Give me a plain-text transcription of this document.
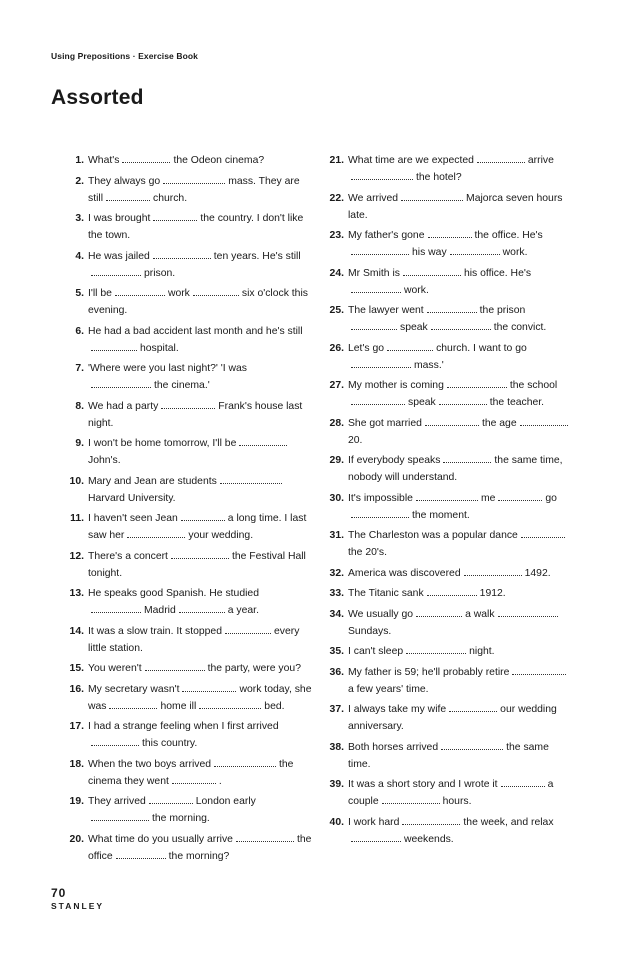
Using Prepositions · Exercise Book
Assorted
1. What's	the Odeon cinema?
2. They always go	mass. They are still	church.
3. I was brought	the country. I don't like the town.
4. He was jailed	ten years. He's stillprison.
5. I'll be	work	six o'clock this evening.
6. He had a bad accident last month and he's stillhospital.
7. 'Where were you last night?' 'I wasthe cinema.'
8. We had a party	Frank's house last night.
9. I won't be home tomorrow, I'll beJohn's.
10. Mary and Jean are studentsHarvard University.
11. I haven't seen Jean	a long time. I last saw her	your wedding.
12. There's a concert	the Festival Hall tonight.
13. He speaks good Spanish. He studiedMadrid	a year.
14. It was a slow train. It stopped	every little station.
15. You weren't	the party, were you?
16. My secretary wasn't	work today, she was	home ill	bed.
17. I had a strange feeling when I first arrivedthis country.
18. When the two boys arrived	the cinema they went	.
19. They arrived	London earlythe morning.
20. What time do you usually arrive	the office	the morning?
21. What time are we expected	arrivethe hotel?
22. We arrived	Majorca seven hours late.
23. My father's gone	the office. He'shis way	work.
24. Mr Smith is	his office. He'swork.
25. The lawyer went	the prisonspeak	the convict.
26. Let's go	church. I want to gomass.'
27. My mother is coming	the schoolspeak	the teacher.
28. She got married	the age20.
29. If everybody speaks	the same time, nobody will understand.
30. It's impossible	me	gothe moment.
31. The Charleston was a popular dancethe 20's.
32. America was discovered	1492.
33. The Titanic sank	1912.
34. We usually go	a walkSundays.
35. I can't sleep	night.
36. My father is 59; he'll probably retirea few years' time.
37. I always take my wife	our wedding anniversary.
38. Both horses arrived	the same time.
39. It was a short story and I wrote it	a couple	hours.
40. I work hard	the week, and relaxweekends.
70
STANLEY
